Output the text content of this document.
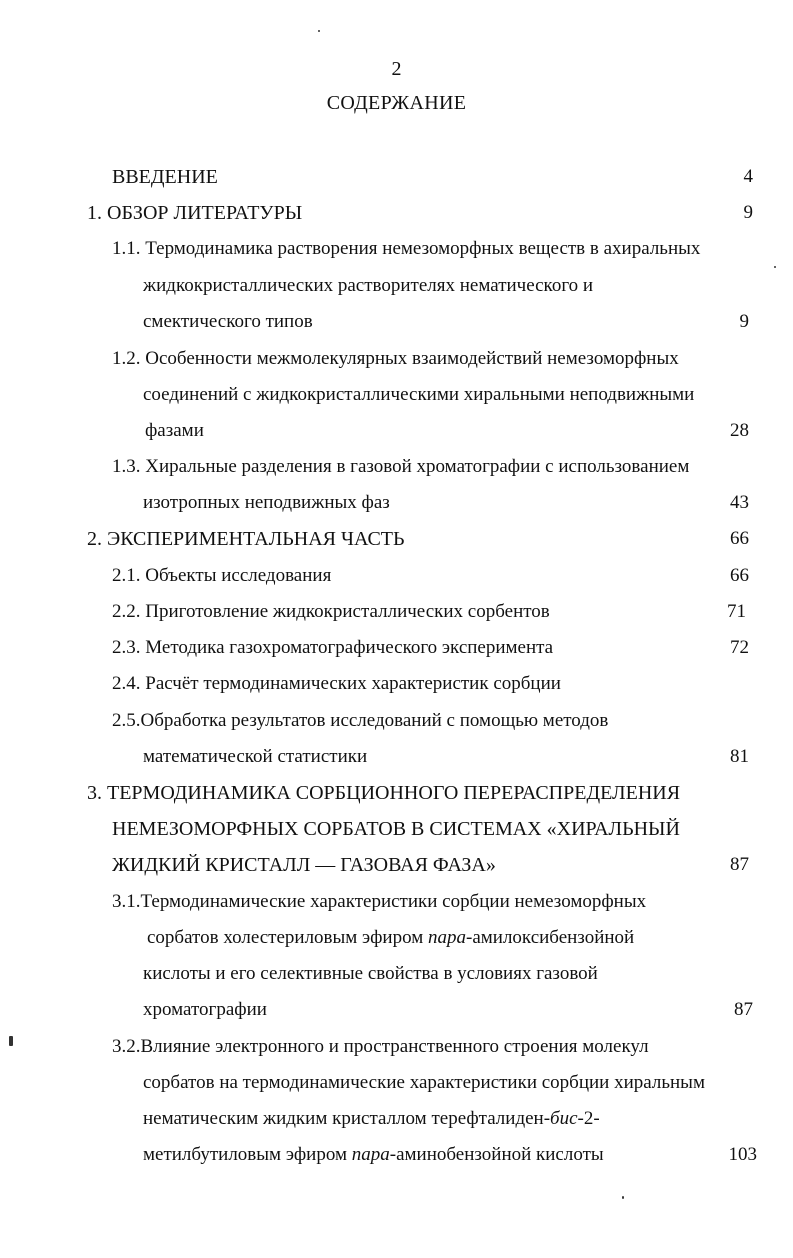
2
СОДЕРЖАНИЕ
ВВЕДЕНИЕ	4
1. ОБЗОР ЛИТЕРАТУРЫ	9
1.1. Термодинамика растворения немезоморфных веществ в ахиральных
жидкокристаллических растворителях нематического и
смектического типов	9
1.2. Особенности межмолекулярных взаимодействий немезоморфных
соединений с жидкокристаллическими хиральными неподвижными
фазами	28
1.3. Хиральные разделения в газовой хроматографии с использованием
изотропных неподвижных фаз	43
2. ЭКСПЕРИМЕНТАЛЬНАЯ ЧАСТЬ	66
2.1. Объекты исследования	66
2.2. Приготовление жидкокристаллических сорбентов	71
2.3. Методика газохроматографического эксперимента	72
2.4. Расчёт термодинамических характеристик сорбции
2.5.Обработка результатов исследований с помощью методов
математической статистики	81
3. ТЕРМОДИНАМИКА СОРБЦИОННОГО ПЕРЕРАСПРЕДЕЛЕНИЯ
НЕМЕЗОМОРФНЫХ СОРБАТОВ В СИСТЕМАХ «ХИРАЛЬНЫЙ
ЖИДКИЙ КРИСТАЛЛ — ГАЗОВАЯ ФАЗА»	87
3.1.Термодинамические характеристики сорбции немезоморфных
сорбатов холестериловым эфиром пара-амилоксибензойной
кислоты и его селективные свойства в условиях газовой
хроматографии	87
3.2.Влияние электронного и пространственного строения молекул
сорбатов на термодинамические характеристики сорбции хиральным
нематическим жидким кристаллом терефталиден-бис-2-
метилбутиловым эфиром пара-аминобензойной кислоты	103
